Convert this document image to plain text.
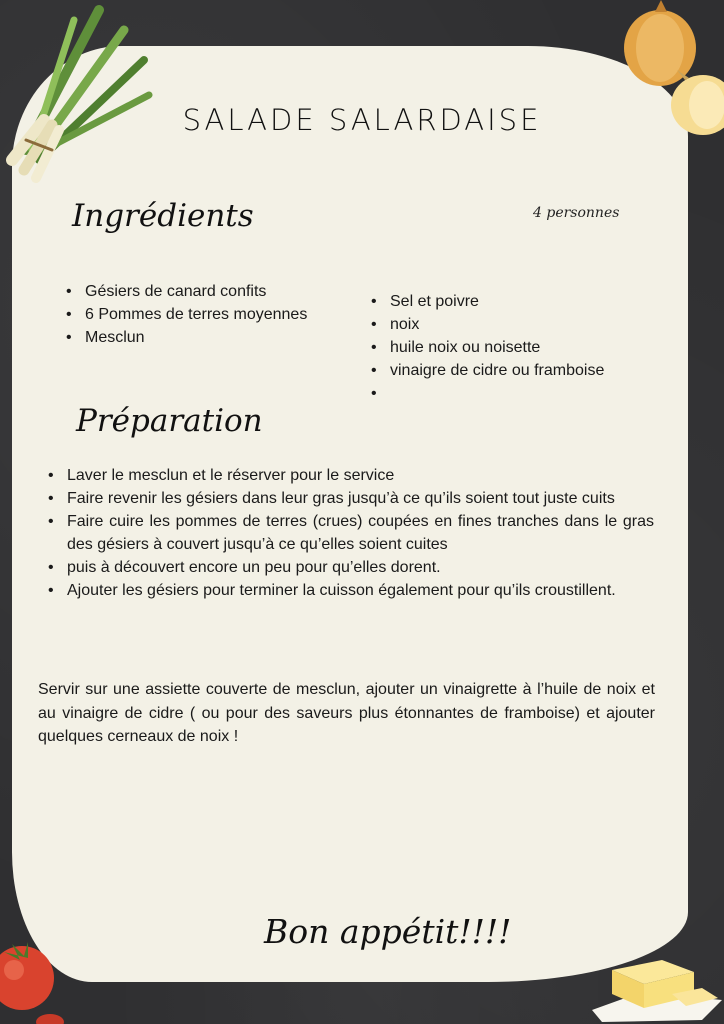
SALADE SALARDAISE
Ingrédients	4 personnes
• Gésiers de canard confits
• 6 Pommes de terres moyennes
• Mesclun
• Sel et poivre
• noix
• huile noix ou noisette
• vinaigre de cidre ou framboise
•
Préparation
• Laver le mesclun et le réserver pour le service
• Faire revenir les gésiers dans leur gras jusqu’à ce qu’ils soient tout juste cuits
• Faire cuire les pommes de terres (crues) coupées en fines tranches dans le gras des gésiers à couvert jusqu’à ce qu’elles soient cuites
• puis à découvert encore un peu pour qu’elles dorent.
• Ajouter les gésiers pour terminer la cuisson également pour qu’ils croustillent.

Servir sur une assiette couverte de mesclun, ajouter un vinaigrette à l’huile de noix et au vinaigre de cidre ( ou pour des saveurs plus étonnantes de framboise) et ajouter quelques cerneaux de noix !

Bon appétit!!!!
